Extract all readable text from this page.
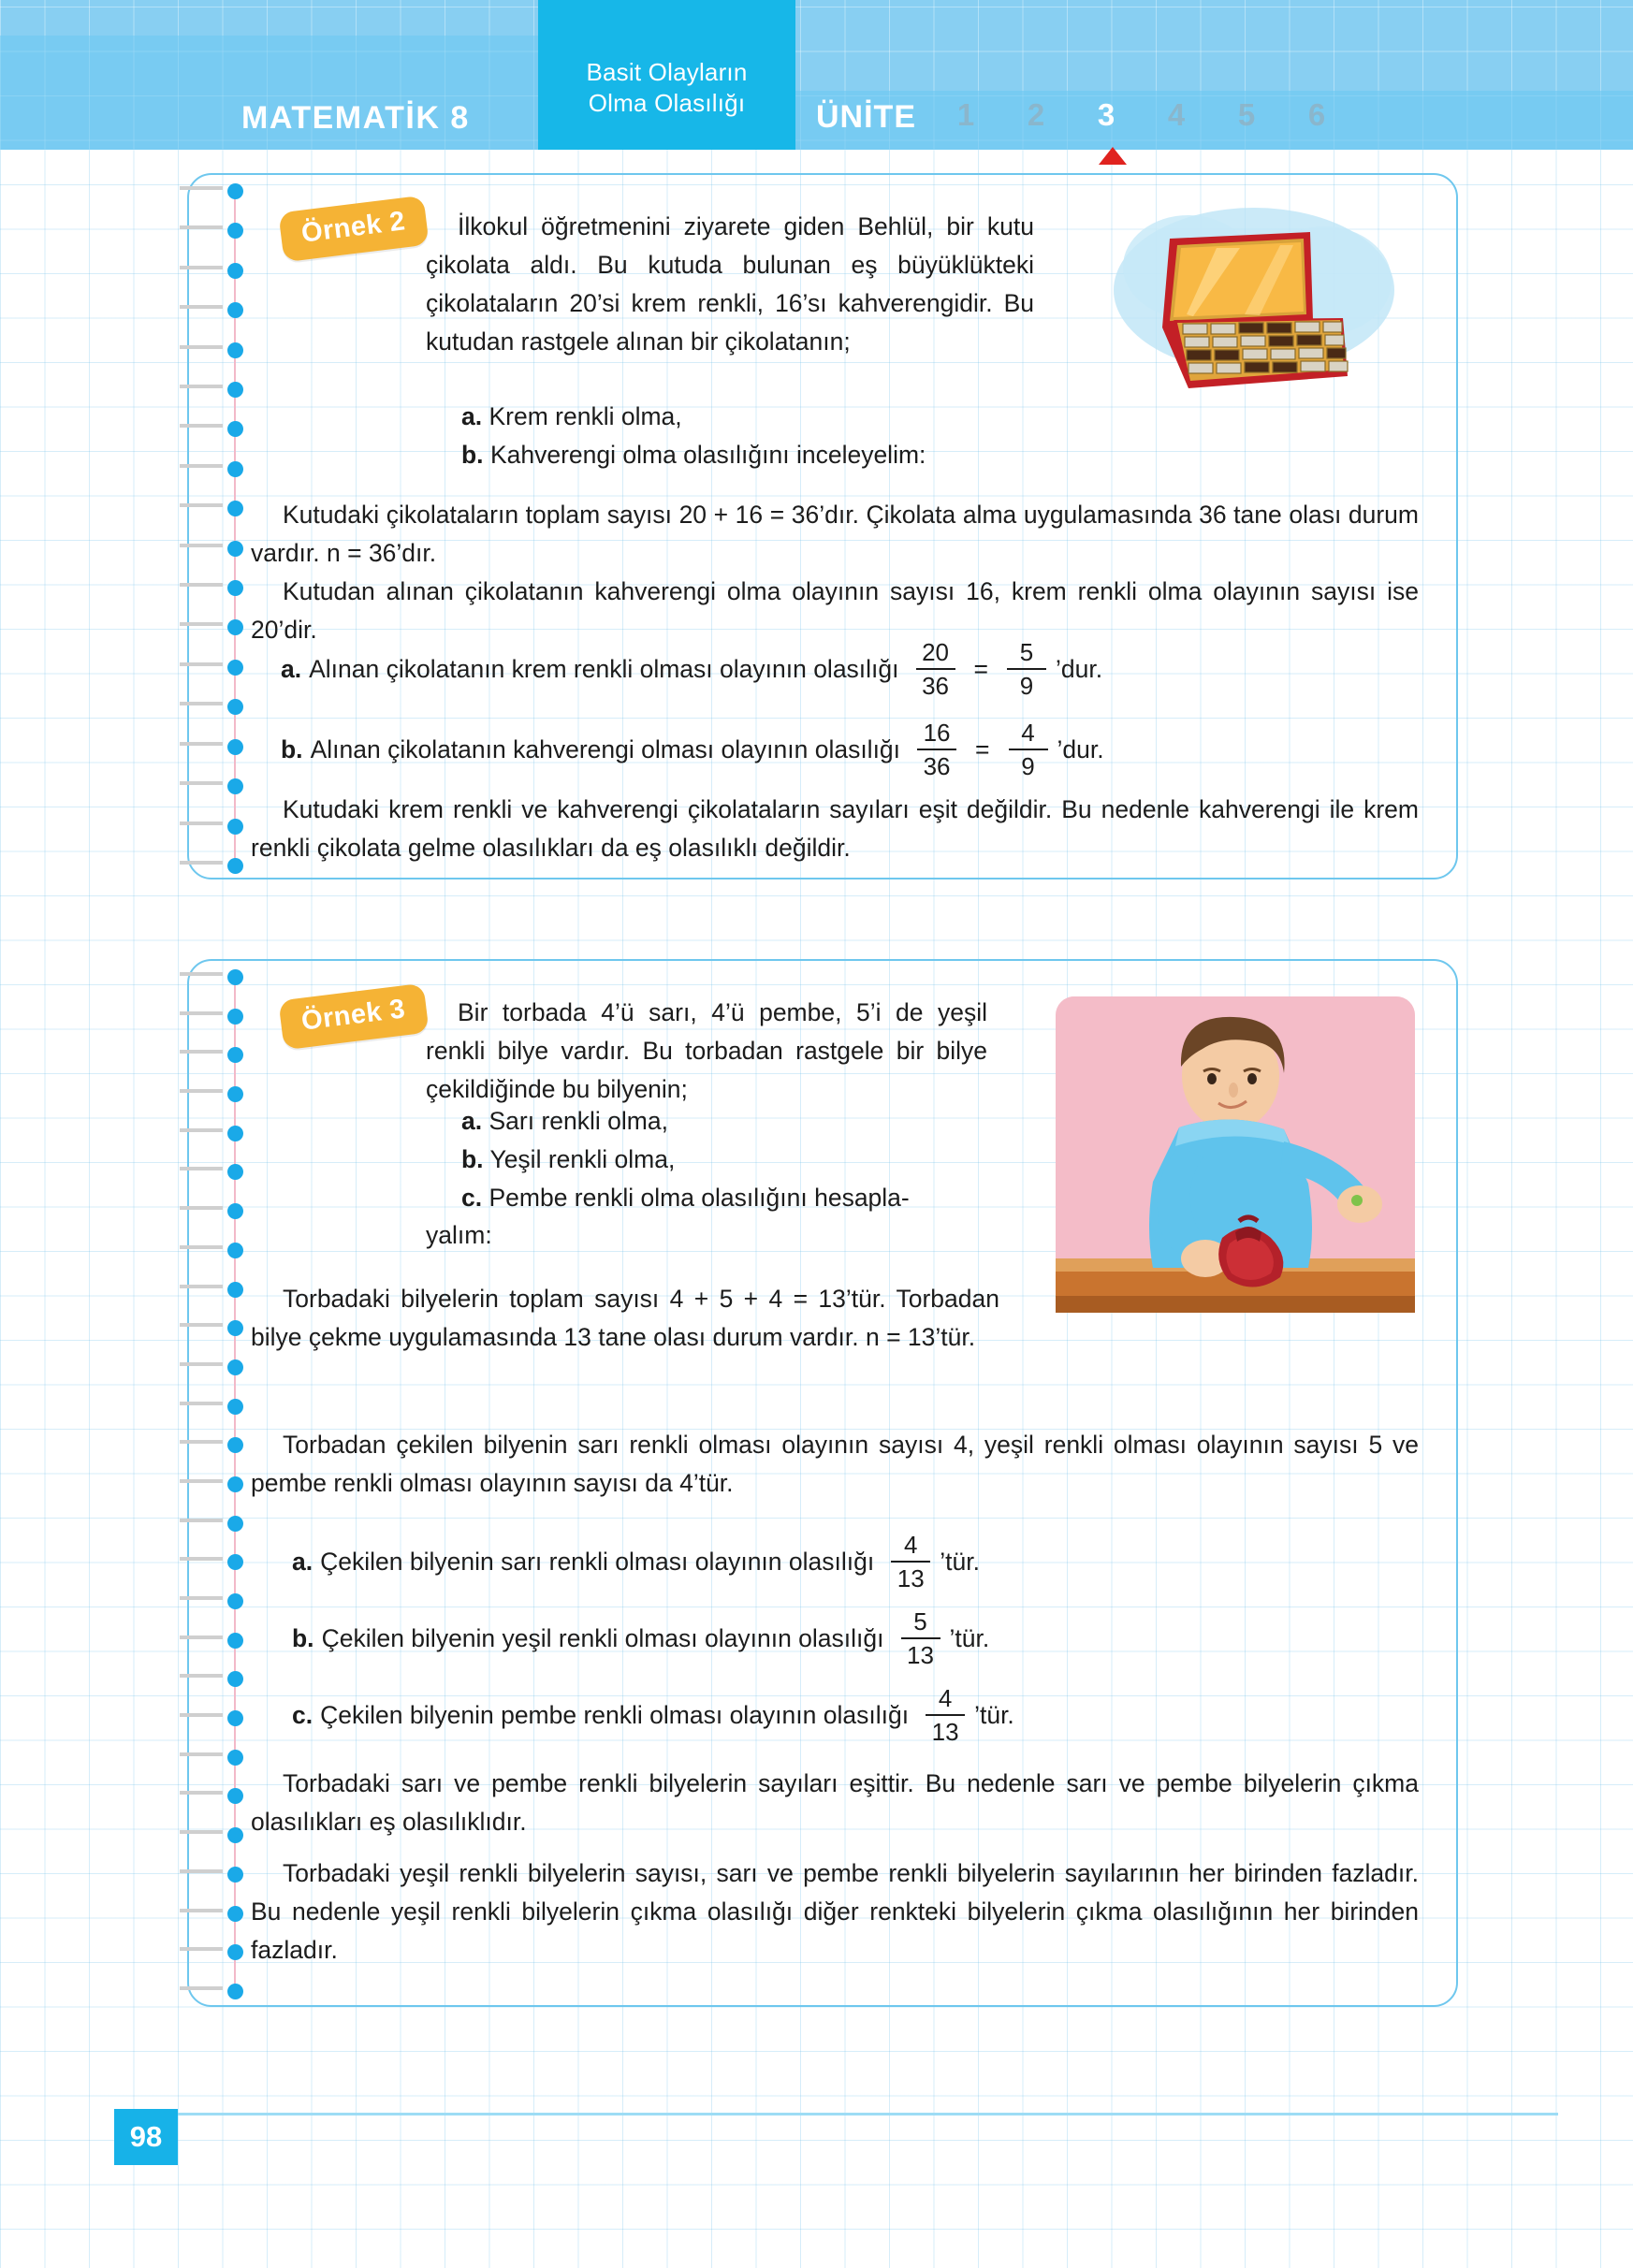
Basit Olayların
Olma Olasılığı
MATEMATİK 8	ÜNİTE 1 2 3 4 5 6
Örnek 2	İlkokul öğretmenini ziyarete giden Behlül, bir kutu çikolata aldı. Bu kutuda bulunan eş büyüklükteki çikolataların 20’si krem renkli, 16’sı kahverengidir. Bu kutudan rastgele alınan bir çikolatanın;
a. Krem renkli olma,
b. Kahverengi olma olasılığını inceleyelim:
Kutudaki çikolataların toplam sayısı 20 + 16 = 36’dır. Çikolata alma uygulamasında 36 tane olası durum vardır. n = 36’dır.
Kutudan alınan çikolatanın kahverengi olma olayının sayısı 16, krem renkli olma olayının sayısı ise 20’dir.
a. Alınan çikolatanın krem renkli olması olayının olasılığı $\frac{20}{36} = \frac{5}{9}$ ’dur.
b. Alınan çikolatanın kahverengi olması olayının olasılığı $\frac{16}{36} = \frac{4}{9}$ ’dur.
Kutudaki krem renkli ve kahverengi çikolataların sayıları eşit değildir. Bu nedenle kahverengi ile krem renkli çikolata gelme olasılıkları da eş olasılıklı değildir.
Örnek 3	Bir torbada 4’ü sarı, 4’ü pembe, 5’i de yeşil renkli bilye vardır. Bu torbadan rastgele bir bilye çekildiğinde bu bilyenin;
a. Sarı renkli olma,
b. Yeşil renkli olma,
c. Pembe renkli olma olasılığını hesapla-
yalım:
Torbadaki bilyelerin toplam sayısı 4 + 5 + 4 = 13’tür. Torbadan bilye çekme uygulamasında 13 tane olası durum vardır. n = 13’tür.
Torbadan çekilen bilyenin sarı renkli olması olayının sayısı 4, yeşil renkli olması olayının sayısı 5 ve pembe renkli olması olayının sayısı da 4’tür.
a. Çekilen bilyenin sarı renkli olması olayının olasılığı $\frac{4}{13}$ ’tür.
b. Çekilen bilyenin yeşil renkli olması olayının olasılığı $\frac{5}{13}$ ’tür.
c. Çekilen bilyenin pembe renkli olması olayının olasılığı $\frac{4}{13}$ ’tür.
Torbadaki sarı ve pembe renkli bilyelerin sayıları eşittir. Bu nedenle sarı ve pembe bilyelerin çıkma olasılıkları eş olasılıklıdır.
Torbadaki yeşil renkli bilyelerin sayısı, sarı ve pembe renkli bilyelerin sayılarının her birinden fazladır. Bu nedenle yeşil renkli bilyelerin çıkma olasılığı diğer renkteki bilyelerin çıkma olasılığının her birinden fazladır.
98
